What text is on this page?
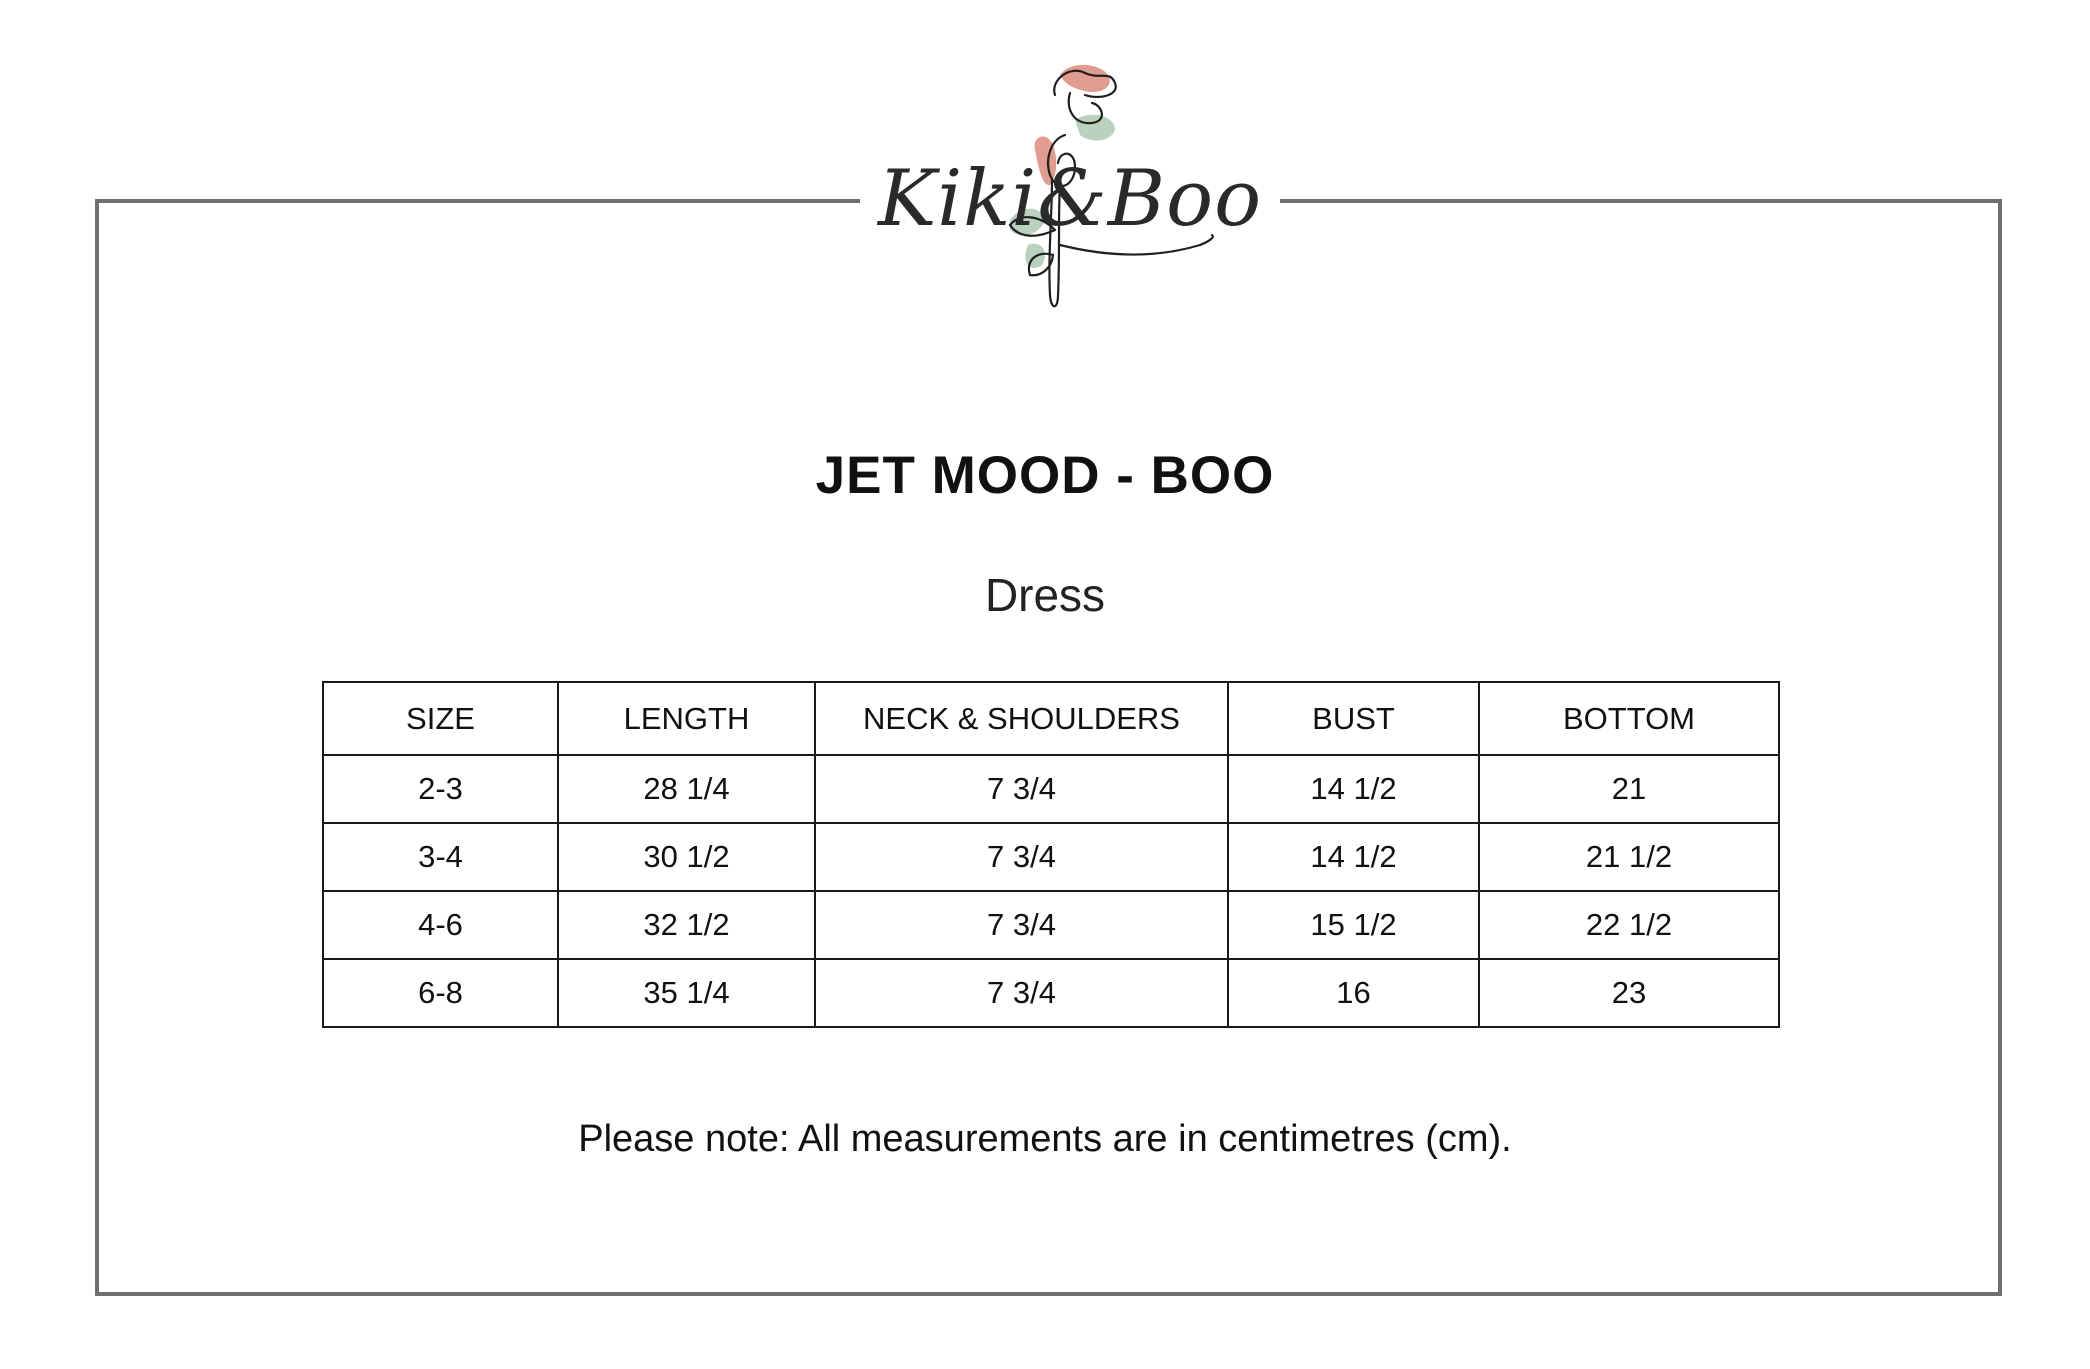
Kiki&Boo
JET MOOD - BOO
Dress
SIZE	LENGTH	NECK & SHOULDERS	BUST	BOTTOM
2-3	28 1/4	7 3/4	14 1/2	21
3-4	30 1/2	7 3/4	14 1/2	21 1/2
4-6	32 1/2	7 3/4	15 1/2	22 1/2
6-8	35 1/4	7 3/4	16	23
Please note: All measurements are in centimetres (cm).
